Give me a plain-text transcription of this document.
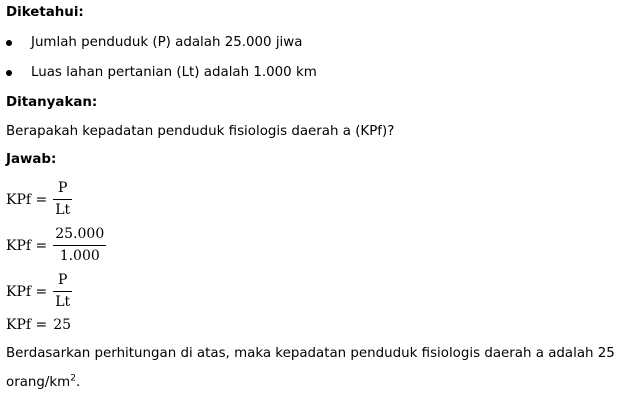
Diketahui:
Jumlah penduduk (P) adalah 25.000 jiwa
Luas lahan pertanian (Lt) adalah 1.000 km
Ditanyakan:
Berapakah kepadatan penduduk fisiologis daerah a (KPf)?
Jawab:
KPf = $\frac{P}{Lt}$
KPf = $\frac{25.000}{1.000}$
KPf = $\frac{P}{Lt}$
KPf = 25
Berdasarkan perhitungan di atas, maka kepadatan penduduk fisiologis daerah a adalah 25
orang/$km^2$.
